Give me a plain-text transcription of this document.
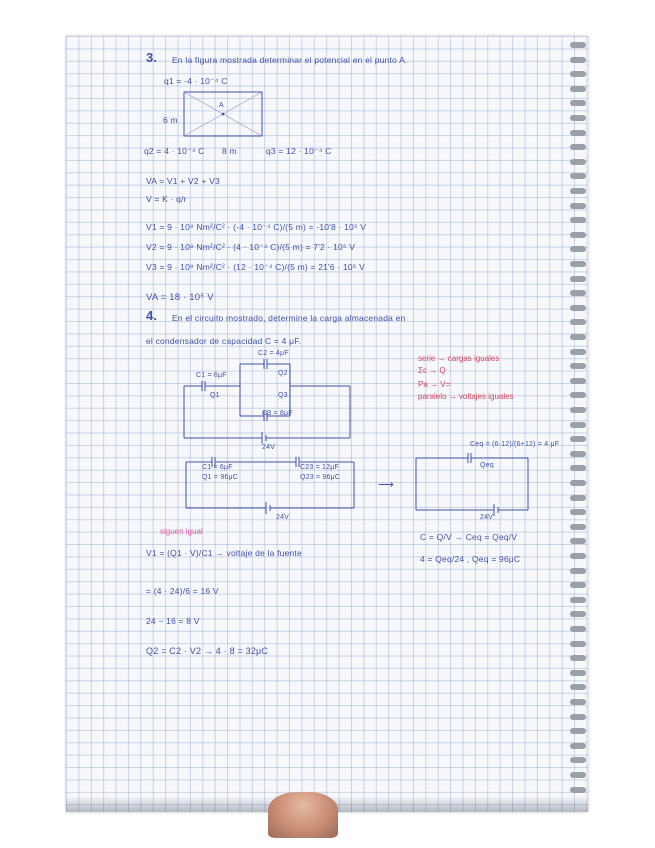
3. En la figura mostrada determinar el potencial en el punto A.
q1 = -4 · 10⁻⁴ C
A
6 m
q2 = 4 · 10⁻⁴ C 8 m	q3 = 12 · 10⁻⁴ C
VA = V1 + V2 + V3
V = K · q/r
V1 = 9 · 10⁹ Nm²/C² · (-4 · 10⁻⁴ C)/(5 m) = -10'8 · 10⁵ V
V2 = 9 · 10⁹ Nm²/C² · (4 · 10⁻⁴ C)/(5 m) = 7'2 · 10⁵ V
V3 = 9 · 10⁹ Nm²/C² · (12 · 10⁻⁴ C)/(5 m) = 21'6 · 10⁵ V
VA = 18 · 10⁵ V
4. En el circuito mostrado, determine la carga almacenada en
el condensador de capacidad C = 4 μF.
C2 = 4μF
Q2
C1 = 6μF
Q1	Q3
C3 = 8μF
24V
serie → cargas iguales
Σc → Q
Pa → V=
paralelo → voltajes iguales
C1 = 6μF
Q1 = 96μC
C23 = 12μF
Q23 = 96μC
24V
⟶
Ceq = (6·12)/(6+12) = 4 μF
Qeq
24V
siguen igual
V1 = (Q1 · V)/C1 → voltaje de la fuente
= (4 · 24)/6 = 16 V
24 − 16 = 8 V
C = Q/V → Ceq = Qeq/V
4 = Qeq/24 , Qeq = 96μC
Q2 = C2 · V2 → 4 · 8 = 32μC
